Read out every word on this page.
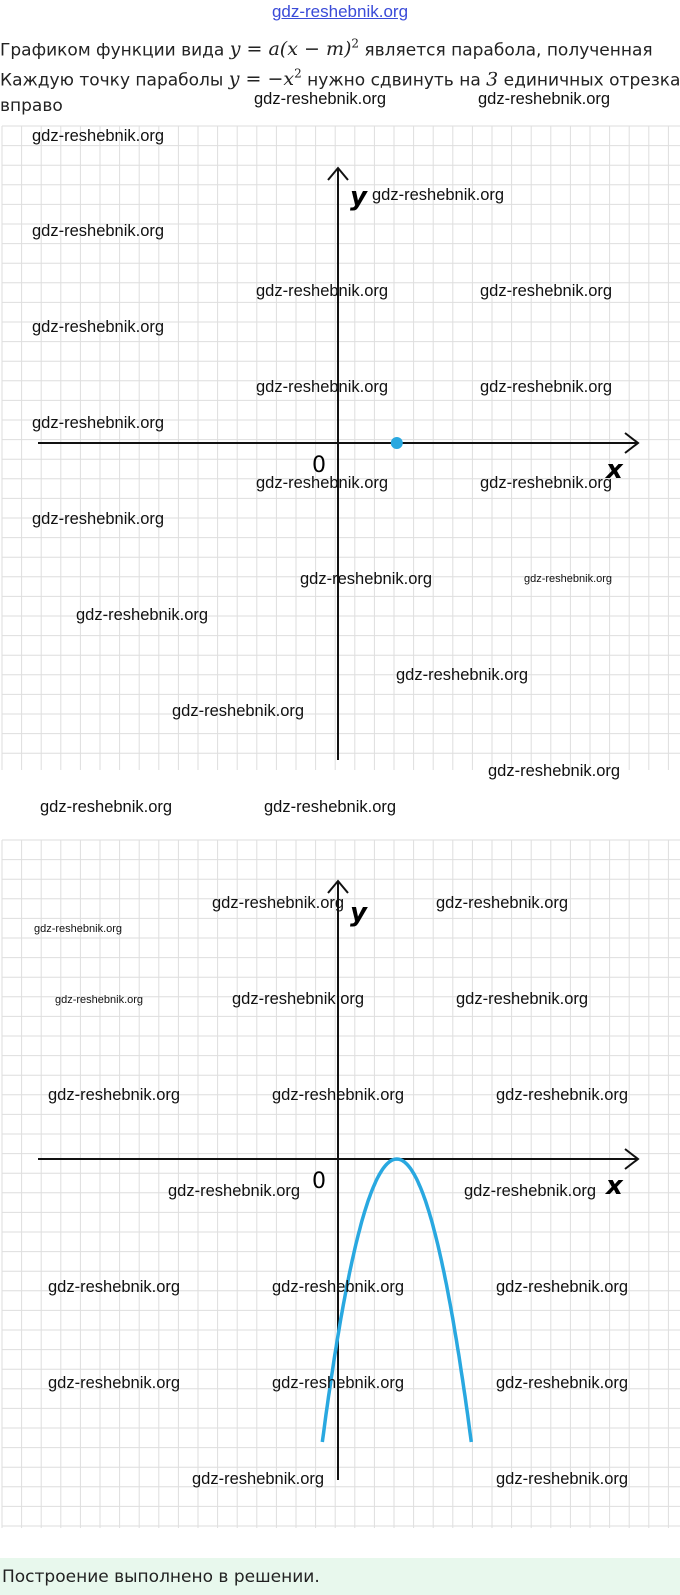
gdz-reshebnik.org
Графиком функции вида $y = a(x - m)^2$ является парабола, полученная
Каждую точку параболы $y = -x^2$ нужно сдвинуть на 3 единичных отрезка
вправо
y
x
0
y
x
0
gdz-reshebnik.org	gdz-reshebnik.org
gdz-reshebnik.org
gdz-reshebnik.org
gdz-reshebnik.org
gdz-reshebnik.org	gdz-reshebnik.org
gdz-reshebnik.org
gdz-reshebnik.org	gdz-reshebnik.org
gdz-reshebnik.org
gdz-reshebnik.org	gdz-reshebnik.org
gdz-reshebnik.org
gdz-reshebnik.org	gdz-reshebnik.org
gdz-reshebnik.org
gdz-reshebnik.org
gdz-reshebnik.org
gdz-reshebnik.org
gdz-reshebnik.org	gdz-reshebnik.org
gdz-reshebnik.org	gdz-reshebnik.org
gdz-reshebnik.org
gdz-reshebnik.org	gdz-reshebnik.org	gdz-reshebnik.org
gdz-reshebnik.org	gdz-reshebnik.org	gdz-reshebnik.org
gdz-reshebnik.org	gdz-reshebnik.org
gdz-reshebnik.org	gdz-reshebnik.org	gdz-reshebnik.org
gdz-reshebnik.org	gdz-reshebnik.org	gdz-reshebnik.org
gdz-reshebnik.org	gdz-reshebnik.org
Построение выполнено в решении.
